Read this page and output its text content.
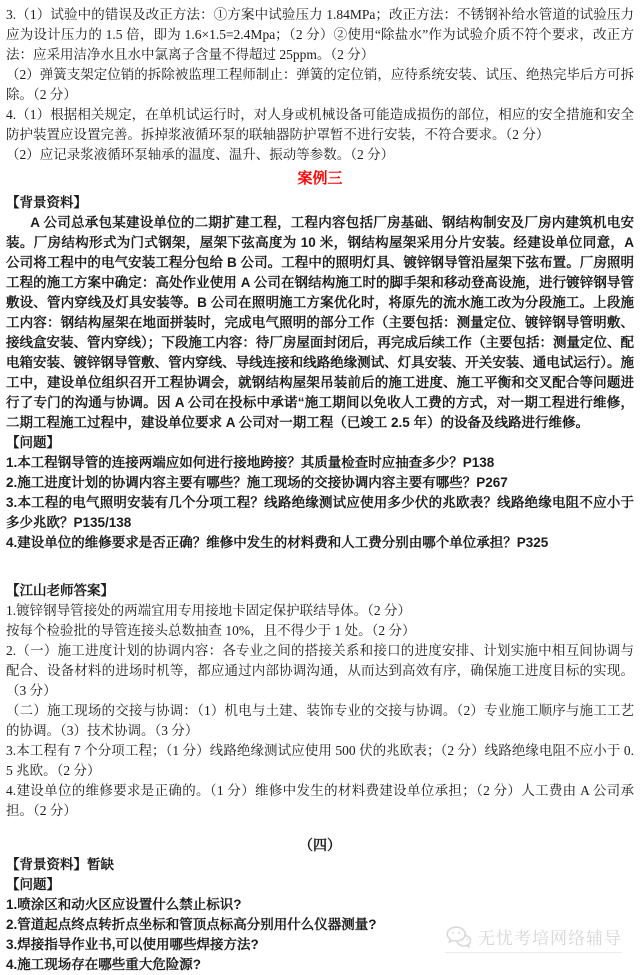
3.（1）试验中的错误及改正方法：①方案中试验压力 1.84MPa；改正方法：不锈钢补给水管道的试验压力应为设计压力的 1.5 倍，即为 1.6×1.5=2.4Mpa；（2 分）②使用“除盐水”作为试验介质不符个要求，改正方法：应采用洁净水且水中氯离子含量不得超过 25ppm。（2 分）
（2）弹簧支架定位销的拆除被监理工程师制止：弹簧的定位销，应待系统安装、试压、绝热完毕后方可拆除。（2 分）
4.（1）根据相关规定，在单机试运行时，对人身或机械设备可能造成损伤的部位，相应的安全措施和安全防护装置应设置完善。拆掉浆液循环泵的联轴器防护罩暂不进行安装，不符合要求。（2 分）
（2）应记录浆液循环泵轴承的温度、温升、振动等参数。（2 分）
案例三
【背景资料】
A 公司总承包某建设单位的二期扩建工程，工程内容包括厂房基础、钢结构制安及厂房内建筑机电安装。厂房结构形式为门式钢架，屋架下弦高度为 10 米，钢结构屋架采用分片安装。经建设单位同意，A 公司将工程中的电气安装工程分包给 B 公司。工程中的照明灯具、镀锌钢导管沿屋架下弦布置。厂房照明工程的施工方案中确定：高处作业使用 A 公司在钢结构施工时的脚手架和移动登髙设施，进行镀锌钢导管敷设、管内穿线及灯具安装等。B 公司在照明施工方案优化时，将原先的流水施工改为分段施工。上段施工内容：钢结构屋架在地面拼装时，完成电气照明的部分工作（主要包括：测量定位、镀锌钢导管明敷、接线盒安装、管内穿线）；下段施工内容：待厂房屋面封闭后，再完成后续工作（主要包括：测量定位、配电箱安装、镀锌钢导管敷、管内穿线、导线连接和线路绝缘测试、灯具安装、开关安装、通电试运行）。施工中，建设单位组织召开工程协调会，就钢结构屋架吊装前后的施工进度、施工平衡和交叉配合等问题进行了专门的沟通与协调。因 A 公司在投标中承诺“施工期间以免收人工费的方式，对一期工程进行维修，二期工程施工过程中，建设单位要求 A 公司对一期工程（已竣工 2.5 年）的设备及线路进行维修。
【问题】
1.本工程钢导管的连接两端应如何进行接地跨接？其质量检查时应抽查多少？P138
2.施工进度计划的协调内容主要有哪些？施工现场的交接协调内容主要有哪些？P267
3.本工程的电气照明安装有几个分项工程？线路绝缘测试应使用多少伏的兆欧表？线路绝缘电阻不应小于多少兆欧？P135/138
4.建设单位的维修要求是否正确？维修中发生的材料费和人工费分别由哪个单位承担？P325
【江山老师答案】
1.镀锌钢导管接处的两端宜用专用接地卡固定保护联结导体。（2 分）
按每个检验批的导管连接头总数抽查 10%，且不得少于 1 处。（2 分）
2.（一）施工进度计划的协调内容：各专业之间的搭接关系和接口的进度安排、计划实施中相互间协调与配合、设备材料的进场时机等，都应通过内部协调沟通，从而达到高效有序，确保施工进度目标的实现。（3 分）
（二）施工现场的交接与协调：（1）机电与土建、装饰专业的交接与协调。（2）专业施工顺序与施工工艺的协调。（3）技术协调。（3 分）
3.本工程有 7 个分项工程；（1 分）线路绝缘测试应使用 500 伏的兆欧表；（2 分）线路绝缘电阻不应小于 0.5 兆欧。（2 分）
4.建设单位的维修要求是正确的。（1 分）维修中发生的材料费建设单位承担；（2 分）人工费由 A 公司承担。（2 分）
（四）
【背景资料】暂缺
【问题】
1.喷涂区和动火区应设置什么禁止标识?
2.管道起点终点转折点坐标和管顶点标高分别用什么仪器测量?
3.焊接指导作业书,可以使用哪些焊接方法?
4.施工现场存在哪些重大危险源?
无忧考培网络辅导
